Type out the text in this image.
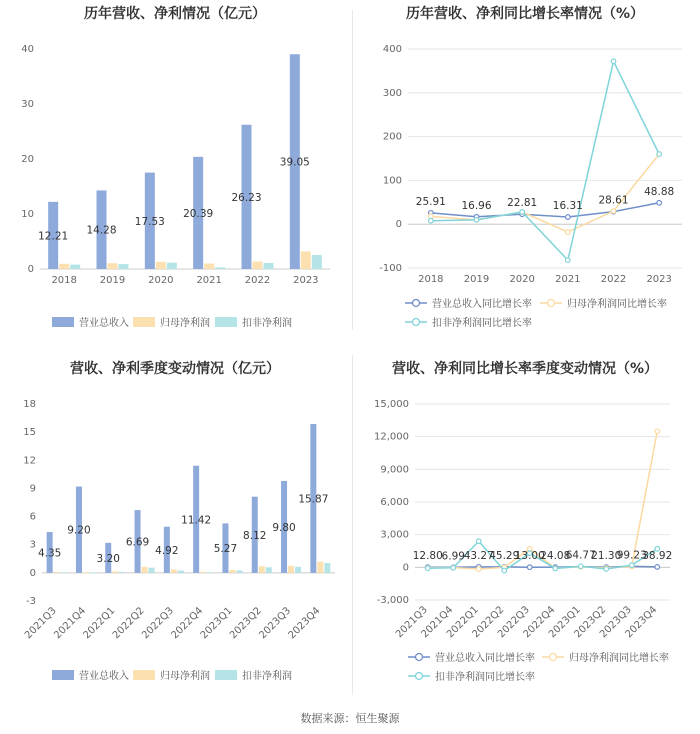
历年营收、净利情况（亿元）
0
10
20
30
40
2018 2019 2020 2021 2022 2023
12.21 14.28
17.53
20.39
26.23
39.05
营业总收入	归母净利润	扣非净利润
历年营收、净利同比增长率情况（%）
-100
0
100
200
300
400
2018 2019 2020 2021 2022 2023
25.91 16.96 22.81 16.31 28.61
48.88
营业总收入同比增长率	归母净利润同比增长率
扣非净利润同比增长率
营收、净利季度变动情况（亿元）
-3
0
3
6
9
12
15
18
2021Q3
2021Q4
2022Q1
2022Q2
2022Q3
2022Q4
2023Q1
2023Q2
2023Q3
2023Q4
4.35
9.20
3.20
6.69
4.92
11.42
5.27
8.12
9.80
15.87
营业总收入	归母净利润	扣非净利润
营收、净利同比增长率季度变动情况（%）
-3,000
0
3,000
6,000
9,000
12,000
15,000
2021Q3
2021Q4
2022Q1
2022Q2
2022Q3
2022Q4
2023Q1
2023Q2
2023Q3
2023Q4
12.80
6.99
43.27
45.29
13.00
24.08
64.77
21.30
99.23
38.92
营业总收入同比增长率	归母净利润同比增长率
扣非净利润同比增长率
数据来源：恒生聚源
